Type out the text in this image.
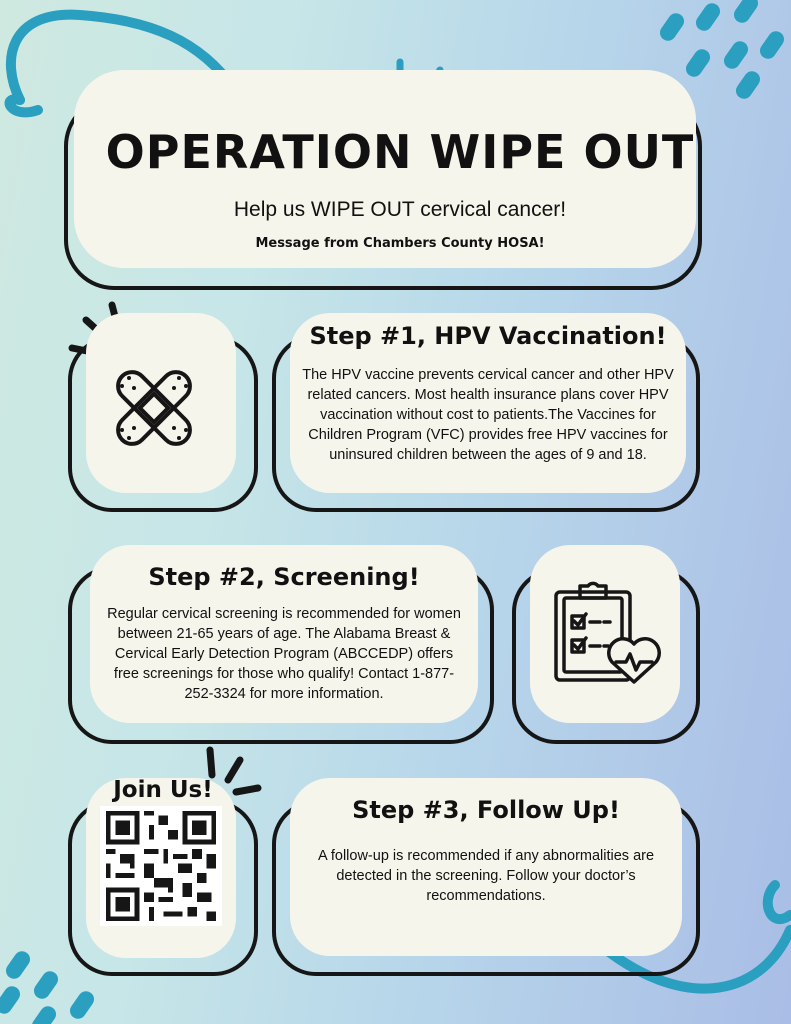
OPERATION WIPE OUT
Help us WIPE OUT cervical cancer!
Message from Chambers County HOSA!
Step #1, HPV Vaccination!
The HPV vaccine prevents cervical cancer and other HPV related cancers. Most health insurance plans cover HPV vaccination without cost to patients.The Vaccines for Children Program (VFC) provides free HPV vaccines for uninsured children between the ages of 9 and 18.
Step #2, Screening!
Regular cervical screening is recommended for women between 21-65 years of age. The Alabama Breast & Cervical Early Detection Program (ABCCEDP) offers free screenings for those who qualify! Contact 1-877-252-3324 for more information.
Join Us!
Step #3, Follow Up!
A follow-up is recommended if any abnormalities are detected in the screening. Follow your doctor’s recommendations.
